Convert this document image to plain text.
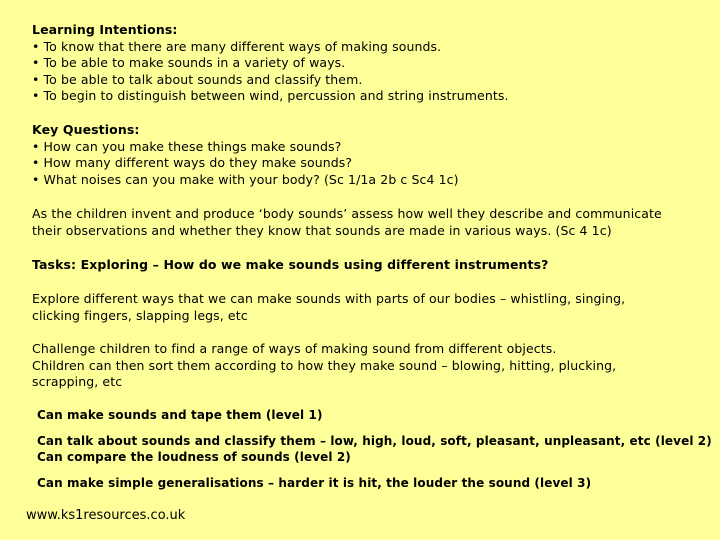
Learning Intentions:
• To know that there are many different ways of making sounds.
• To be able to make sounds in a variety of ways.
• To be able to talk about sounds and classify them.
• To begin to distinguish between wind, percussion and string instruments.
Key Questions:
• How can you make these things make sounds?
• How many different ways do they make sounds?
• What noises can you make with your body? (Sc 1/1a 2b c Sc4 1c)
As the children invent and produce ‘body sounds’ assess how well they describe and communicate their observations and whether they know that sounds are made in various ways. (Sc 4 1c)
Tasks: Exploring – How do we make sounds using different instruments?
Explore different ways that we can make sounds with parts of our bodies – whistling, singing, clicking fingers, slapping legs, etc
Challenge children to find a range of ways of making sound from different objects.
Children can then sort them according to how they make sound – blowing, hitting, plucking, scrapping, etc
Can make sounds and tape them (level 1)
Can talk about sounds and classify them – low, high, loud, soft, pleasant, unpleasant, etc (level 2)
Can compare the loudness of sounds (level 2)
Can make simple generalisations – harder it is hit, the louder the sound (level 3)
www.ks1resources.co.uk
